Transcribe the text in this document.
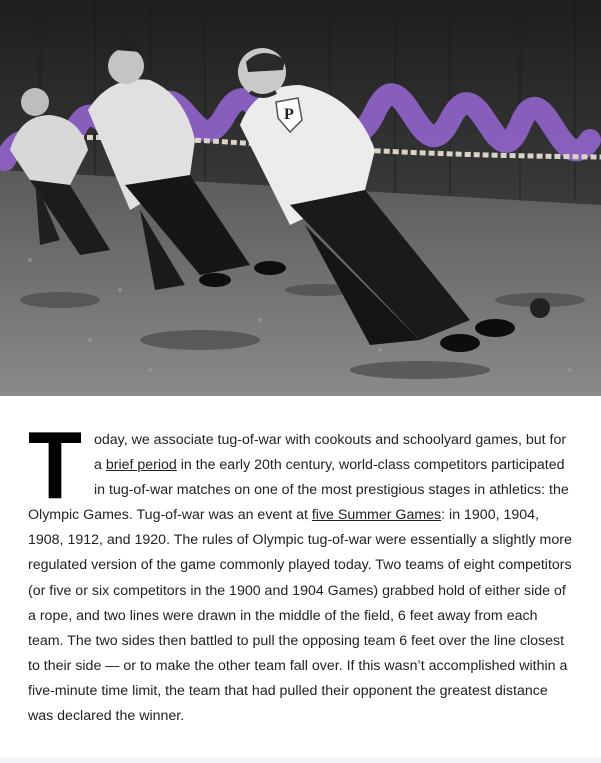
P

Today, we associate tug-of-war with cookouts and schoolyard games, but for a brief period in the early 20th century, world-class competitors participated in tug-of-war matches on one of the most prestigious stages in athletics: the Olympic Games. Tug-of-war was an event at five Summer Games: in 1900, 1904, 1908, 1912, and 1920. The rules of Olympic tug-of-war were essentially a slightly more regulated version of the game commonly played today. Two teams of eight competitors (or five or six competitors in the 1900 and 1904 Games) grabbed hold of either side of a rope, and two lines were drawn in the middle of the field, 6 feet away from each team. The two sides then battled to pull the opposing team 6 feet over the line closest to their side — or to make the other team fall over. If this wasn’t accomplished within a five-minute time limit, the team that had pulled their opponent the greatest distance was declared the winner.
